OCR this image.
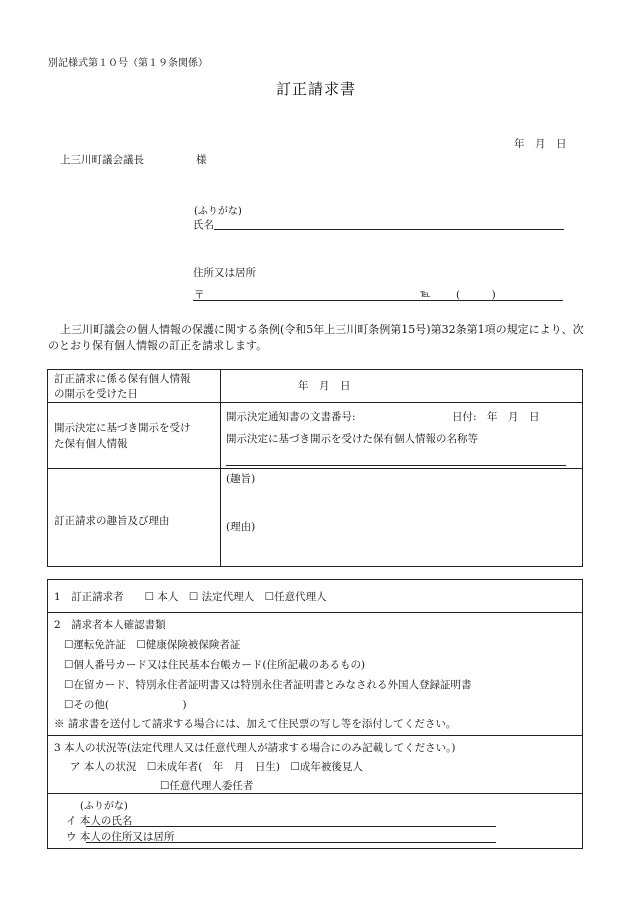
別記様式第１０号（第１９条関係）
訂正請求書
年　月　日
上三川町議会議長	様
(ふりがな)
氏名
住所又は居所
〒	℡ (　　　)
上三川町議会の個人情報の保護に関する条例(令和5年上三川町条例第15号)第32条第1項の規定により、次のとおり保有個人情報の訂正を請求します。
訂正請求に係る保有個人情報
の開示を受けた日
年　月　日
開示決定に基づき開示を受け
た保有個人情報
開示決定通知書の文書番号:	日付:　年　月　日
開示決定に基づき開示を受けた保有個人情報の名称等
訂正請求の趣旨及び理由
(趣旨)
(理由)
1　訂正請求者　　☐ 本人　☐ 法定代理人　☐任意代理人
2　請求者本人確認書類
☐運転免許証　☐健康保険被保険者証
☐個人番号カード又は住民基本台帳カード(住所記載のあるもの)
☐在留カード、特別永住者証明書又は特別永住者証明書とみなされる外国人登録証明書
☐その他(　　　　　　　)
※ 請求書を送付して請求する場合には、加えて住民票の写し等を添付してください。
3 本人の状況等(法定代理人又は任意代理人が請求する場合にのみ記載してください。)
ア 本人の状況　☐未成年者(　年　月　日生)　☐成年被後見人
☐任意代理人委任者
(ふりがな)
イ 本人の氏名
ウ 本人の住所又は居所
